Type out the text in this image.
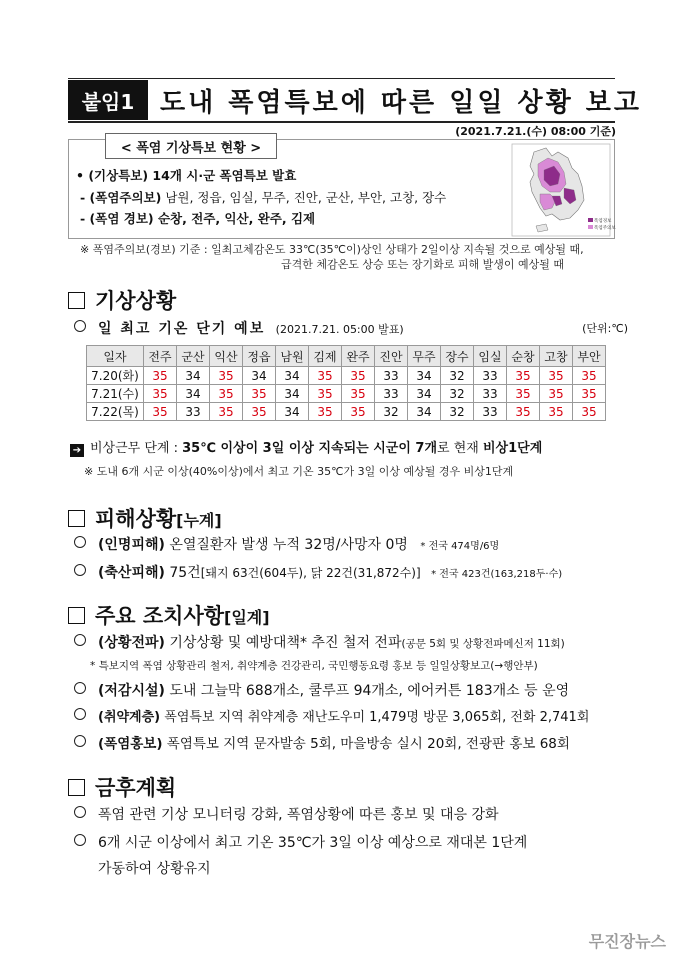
붙임1 도내 폭염특보에 따른 일일 상황 보고
(2021.7.21.(수) 08:00 기준)
< 폭염 기상특보 현황 >
• (기상특보) 14개 시·군 폭염특보 발효
- (폭염주의보) 남원, 정읍, 임실, 무주, 진안, 군산, 부안, 고창, 장수
- (폭염 경보) 순창, 전주, 익산, 완주, 김제	폭염경보
폭염주의보
※ 폭염주의보(경보) 기준 : 일최고체감온도 33℃(35℃이)상인 상태가 2일이상 지속될 것으로 예상될 때,
급격한 체감온도 상승 또는 장기화로 피해 발생이 예상될 때
기상상황
일 최고 기온 단기 예보 (2021.7.21. 05:00 발표)	(단위:℃)
일자	전주	군산	익산	정읍	남원	김제	완주	진안	무주	장수	임실	순창	고창	부안
7.20(화)	35	34	35	34	34	35	35	33	34	32	33	35	35	35
7.21(수)	35	34	35	35	34	35	35	33	34	32	33	35	35	35
7.22(목)	35	33	35	35	34	35	35	32	34	32	33	35	35	35
➔ 비상근무 단계 : 35℃ 이상이 3일 이상 지속되는 시군이 7개로 현재 비상1단계
※ 도내 6개 시군 이상(40%이상)에서 최고 기온 35℃가 3일 이상 예상될 경우 비상1단계
피해상황[누계]
(인명피해) 온열질환자 발생 누적 32명/사망자 0명 * 전국 474명/6명
(축산피해) 75건[돼지 63건(604두), 닭 22건(31,872수)] * 전국 423건(163,218두·수)
주요 조치사항[일계]
(상황전파) 기상상황 및 예방대책* 추진 철저 전파(공문 5회 및 상황전파메신저 11회)
* 특보지역 폭염 상황관리 철저, 취약계층 건강관리, 국민행동요령 홍보 등 일일상황보고(→행안부)
(저감시설) 도내 그늘막 688개소, 쿨루프 94개소, 에어커튼 183개소 등 운영
(취약계층) 폭염특보 지역 취약계층 재난도우미 1,479명 방문 3,065회, 전화 2,741회
(폭염홍보) 폭염특보 지역 문자발송 5회, 마을방송 실시 20회, 전광판 홍보 68회
금후계획
폭염 관련 기상 모니터링 강화, 폭염상황에 따른 홍보 및 대응 강화
6개 시군 이상에서 최고 기온 35℃가 3일 이상 예상으로 재대본 1단계
가동하여 상황유지
무진장뉴스
